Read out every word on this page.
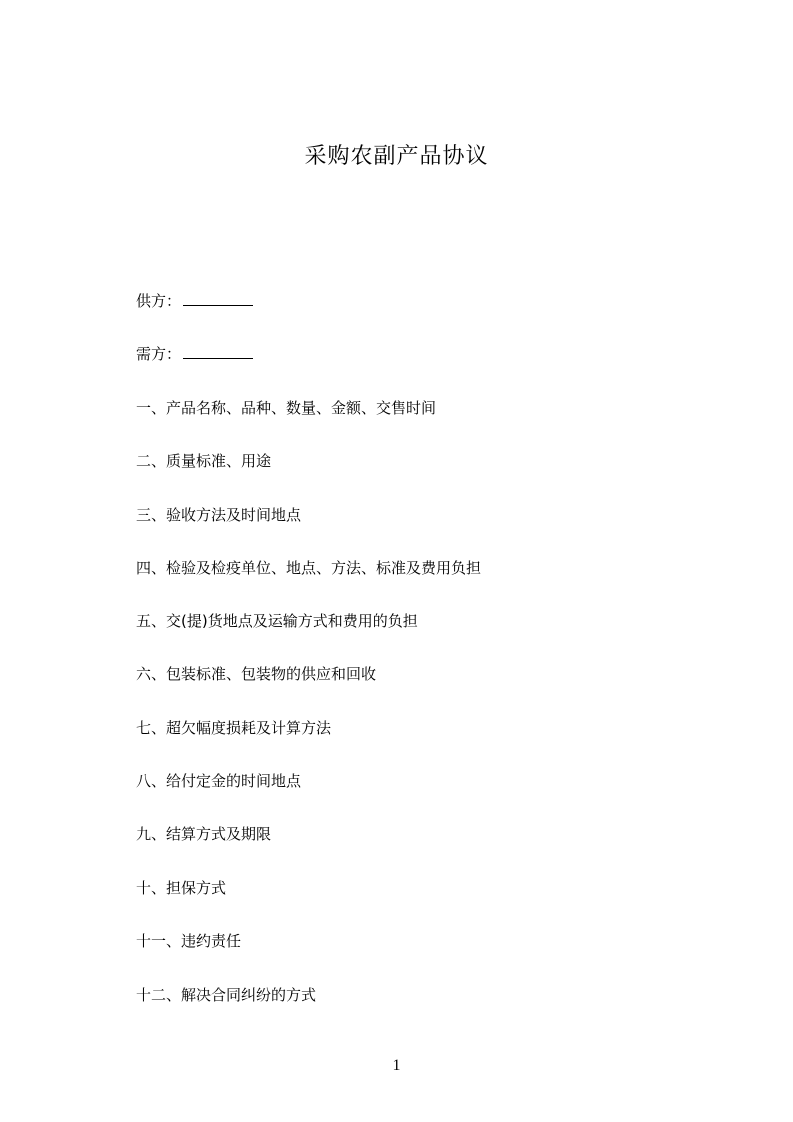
采购农副产品协议
供方：
需方：
一、产品名称、品种、数量、金额、交售时间
二、质量标准、用途
三、验收方法及时间地点
四、检验及检疫单位、地点、方法、标准及费用负担
五、交(提)货地点及运输方式和费用的负担
六、包装标准、包装物的供应和回收
七、超欠幅度损耗及计算方法
八、给付定金的时间地点
九、结算方式及期限
十、担保方式
十一、违约责任
十二、解决合同纠纷的方式
1
